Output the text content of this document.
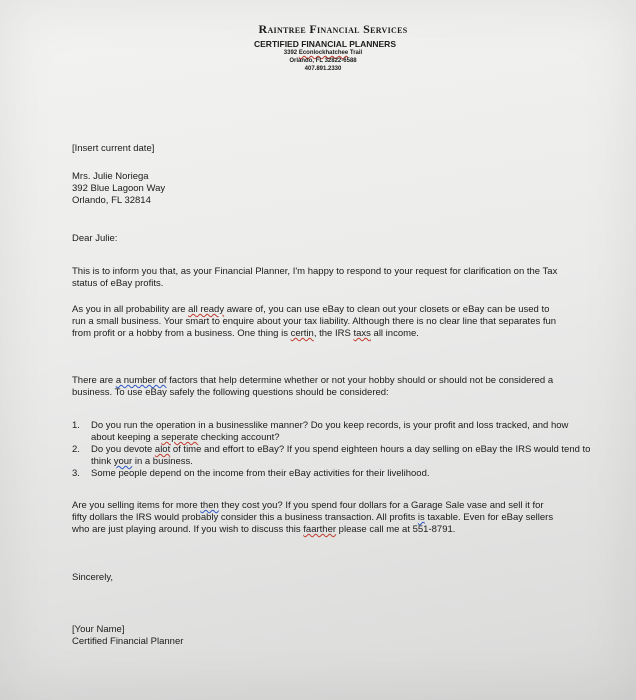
Raintree Financial Services
CERTIFIED FINANCIAL PLANNERS
3392 Econlockhatchee Trail
Orlando, FL 32822-6588
407.891.2330
[Insert current date]
Mrs. Julie Noriega
392 Blue Lagoon Way
Orlando, FL 32814
Dear Julie:
This is to inform you that, as your Financial Planner, I'm happy to respond to your request for clarification on the Tax status of eBay profits.
As you in all probability are all ready aware of, you can use eBay to clean out your closets or eBay can be used to run a small business. Your smart to enquire about your tax liability. Although there is no clear line that separates fun from profit or a hobby from a business. One thing is certin, the IRS taxs all income.
There are a number of factors that help determine whether or not your hobby should or should not be considered a business. To use eBay safely the following questions should be considered:
1. Do you run the operation in a businesslike manner? Do you keep records, is your profit and loss tracked, and how about keeping a seperate checking account?
2. Do you devote alot of time and effort to eBay? If you spend eighteen hours a day selling on eBay the IRS would tend to think your in a business.
3. Some people depend on the income from their eBay activities for their livelihood.
Are you selling items for more then they cost you? If you spend four dollars for a Garage Sale vase and sell it for fifty dollars the IRS would probably consider this a business transaction. All profits is taxable. Even for eBay sellers who are just playing around. If you wish to discuss this faarther please call me at 551-8791.
Sincerely,
[Your Name]
Certified Financial Planner
